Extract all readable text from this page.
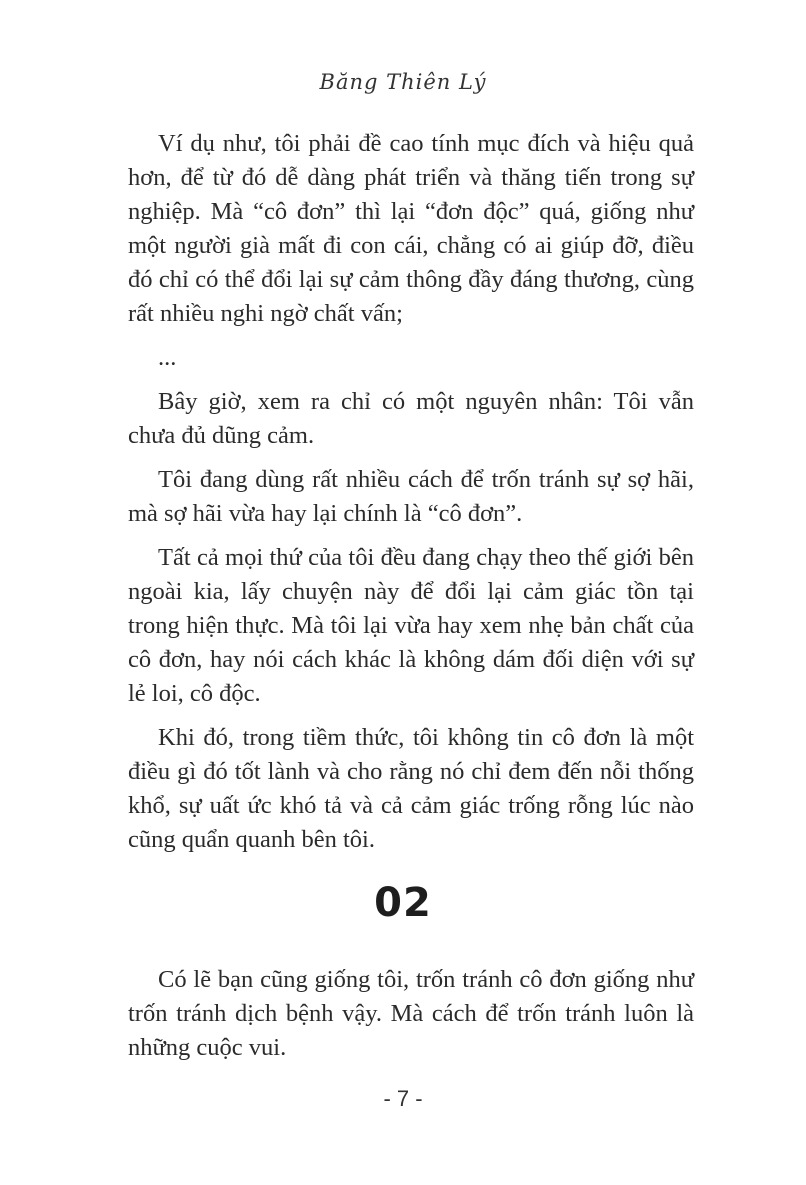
Băng Thiên Lý

Ví dụ như, tôi phải đề cao tính mục đích và hiệu quả hơn, để từ đó dễ dàng phát triển và thăng tiến trong sự nghiệp. Mà “cô đơn” thì lại “đơn độc” quá, giống như một người già mất đi con cái, chẳng có ai giúp đỡ, điều đó chỉ có thể đổi lại sự cảm thông đầy đáng thương, cùng rất nhiều nghi ngờ chất vấn;

...

Bây giờ, xem ra chỉ có một nguyên nhân: Tôi vẫn chưa đủ dũng cảm.

Tôi đang dùng rất nhiều cách để trốn tránh sự sợ hãi, mà sợ hãi vừa hay lại chính là “cô đơn”.

Tất cả mọi thứ của tôi đều đang chạy theo thế giới bên ngoài kia, lấy chuyện này để đổi lại cảm giác tồn tại trong hiện thực. Mà tôi lại vừa hay xem nhẹ bản chất của cô đơn, hay nói cách khác là không dám đối diện với sự lẻ loi, cô độc.

Khi đó, trong tiềm thức, tôi không tin cô đơn là một điều gì đó tốt lành và cho rằng nó chỉ đem đến nỗi thống khổ, sự uất ức khó tả và cả cảm giác trống rỗng lúc nào cũng quẩn quanh bên tôi.

02

Có lẽ bạn cũng giống tôi, trốn tránh cô đơn giống như trốn tránh dịch bệnh vậy. Mà cách để trốn tránh luôn là những cuộc vui.

- 7 -
